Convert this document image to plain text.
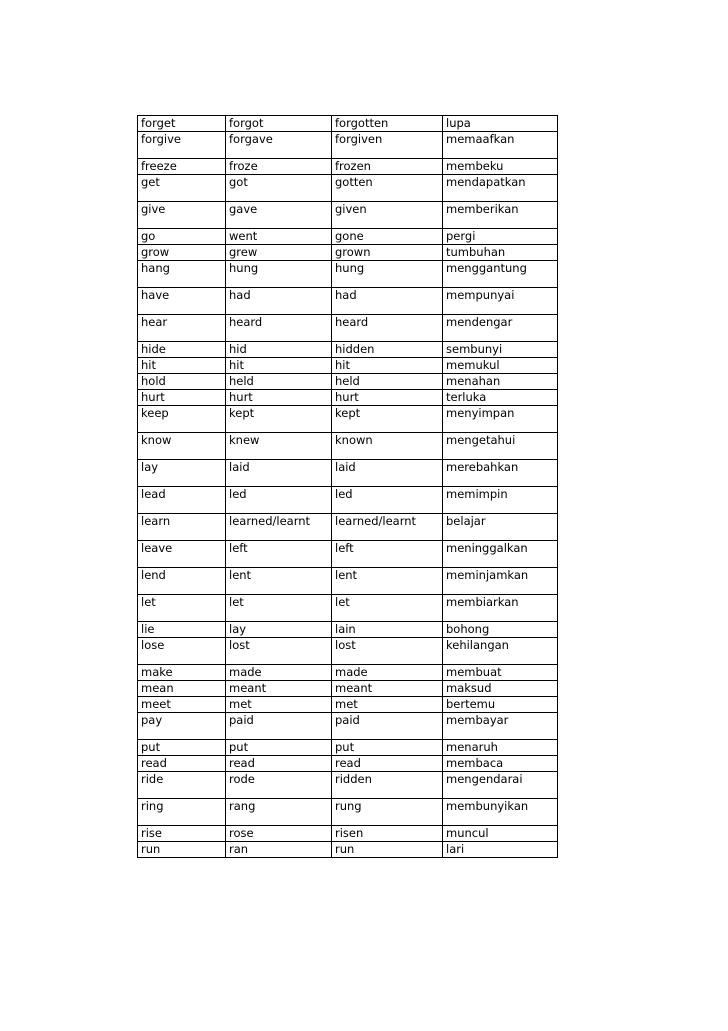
forget	forgot	forgotten	lupa
forgive	forgave	forgiven	memaafkan
freeze	froze	frozen	membeku
get	got	gotten	mendapatkan
give	gave	given	memberikan
go	went	gone	pergi
grow	grew	grown	tumbuhan
hang	hung	hung	menggantung
have	had	had	mempunyai
hear	heard	heard	mendengar
hide	hid	hidden	sembunyi
hit	hit	hit	memukul
hold	held	held	menahan
hurt	hurt	hurt	terluka
keep	kept	kept	menyimpan
know	knew	known	mengetahui
lay	laid	laid	merebahkan
lead	led	led	memimpin
learn	learned/learnt	learned/learnt	belajar
leave	left	left	meninggalkan
lend	lent	lent	meminjamkan
let	let	let	membiarkan
lie	lay	lain	bohong
lose	lost	lost	kehilangan
make	made	made	membuat
mean	meant	meant	maksud
meet	met	met	bertemu
pay	paid	paid	membayar
put	put	put	menaruh
read	read	read	membaca
ride	rode	ridden	mengendarai
ring	rang	rung	membunyikan
rise	rose	risen	muncul
run	ran	run	lari
